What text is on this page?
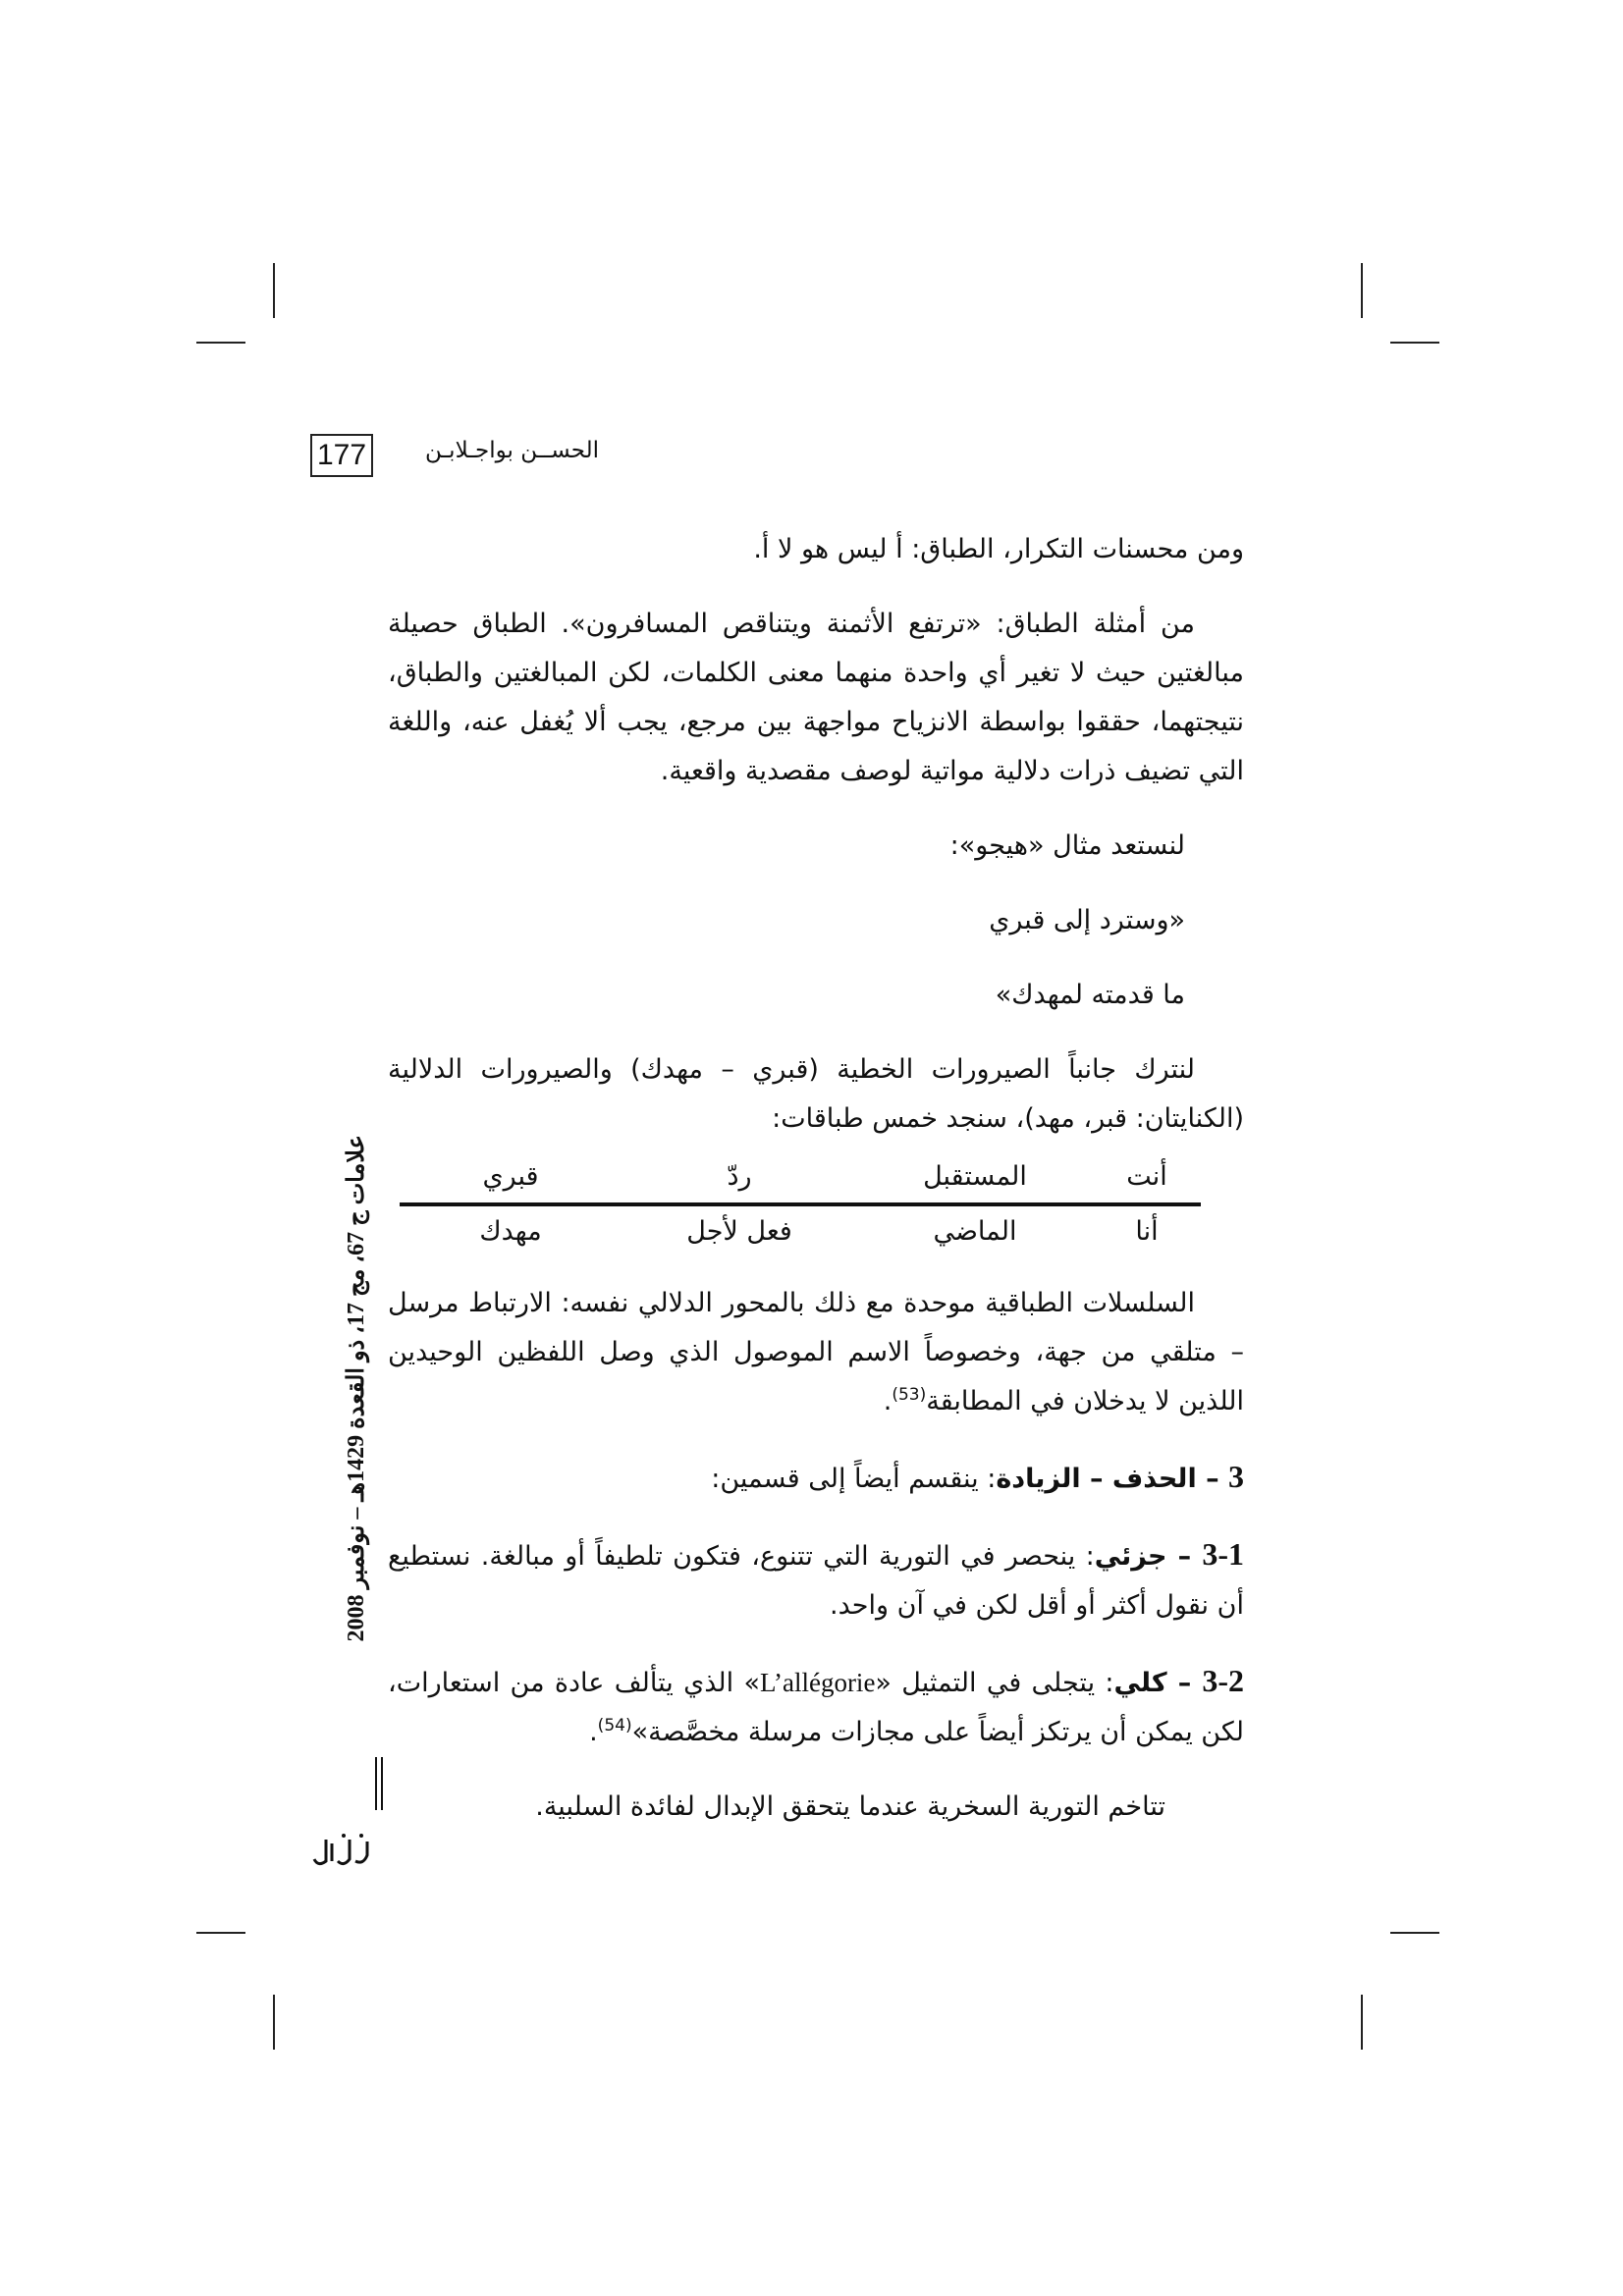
177	الحســن بواجـلابـن

ومن محسنات التكرار، الطباق: أ ليس هو لا أ.

من أمثلة الطباق: «ترتفع الأثمنة ويتناقص المسافرون». الطباق حصيلة مبالغتين حيث لا تغير أي واحدة منهما معنى الكلمات، لكن المبالغتين والطباق، نتيجتهما، حققوا بواسطة الانزياح مواجهة بين مرجع، يجب ألا يُغفل عنه، واللغة التي تضيف ذرات دلالية مواتية لوصف مقصدية واقعية.

لنستعد مثال «هيجو»:

«وسترد إلى قبري

ما قدمته لمهدك»

لنترك جانباً الصيرورات الخطية (قبري – مهدك) والصيرورات الدلالية (الكنايتان: قبر، مهد)، سنجد خمس طباقات:

أنت
المستقبل
ردّ
قبري
أنا
الماضي
فعل لأجل
مهدك

السلسلات الطباقية موحدة مع ذلك بالمحور الدلالي نفسه: الارتباط مرسل – متلقي من جهة، وخصوصاً الاسم الموصول الذي وصل اللفظين الوحيدين اللذين لا يدخلان في المطابقة$^{(53)}$.

3 – الحذف – الزيادة: ينقسم أيضاً إلى قسمين:

3-1 – جزئي: ينحصر في التورية التي تتنوع، فتكون تلطيفاً أو مبالغة. نستطيع أن نقول أكثر أو أقل لكن في آن واحد.

3-2 – كلي: يتجلى في التمثيل «L’allégorie» الذي يتألف عادة من استعارات، لكن يمكن أن يرتكز أيضاً على مجازات مرسلة مخصَّصة»$^{(54)}$.

تتاخم التورية السخرية عندما يتحقق الإبدال لفائدة السلبية.

علامات ج 67، مج 17، ذو القعدة 1429هـ – نوفمبر 2008
